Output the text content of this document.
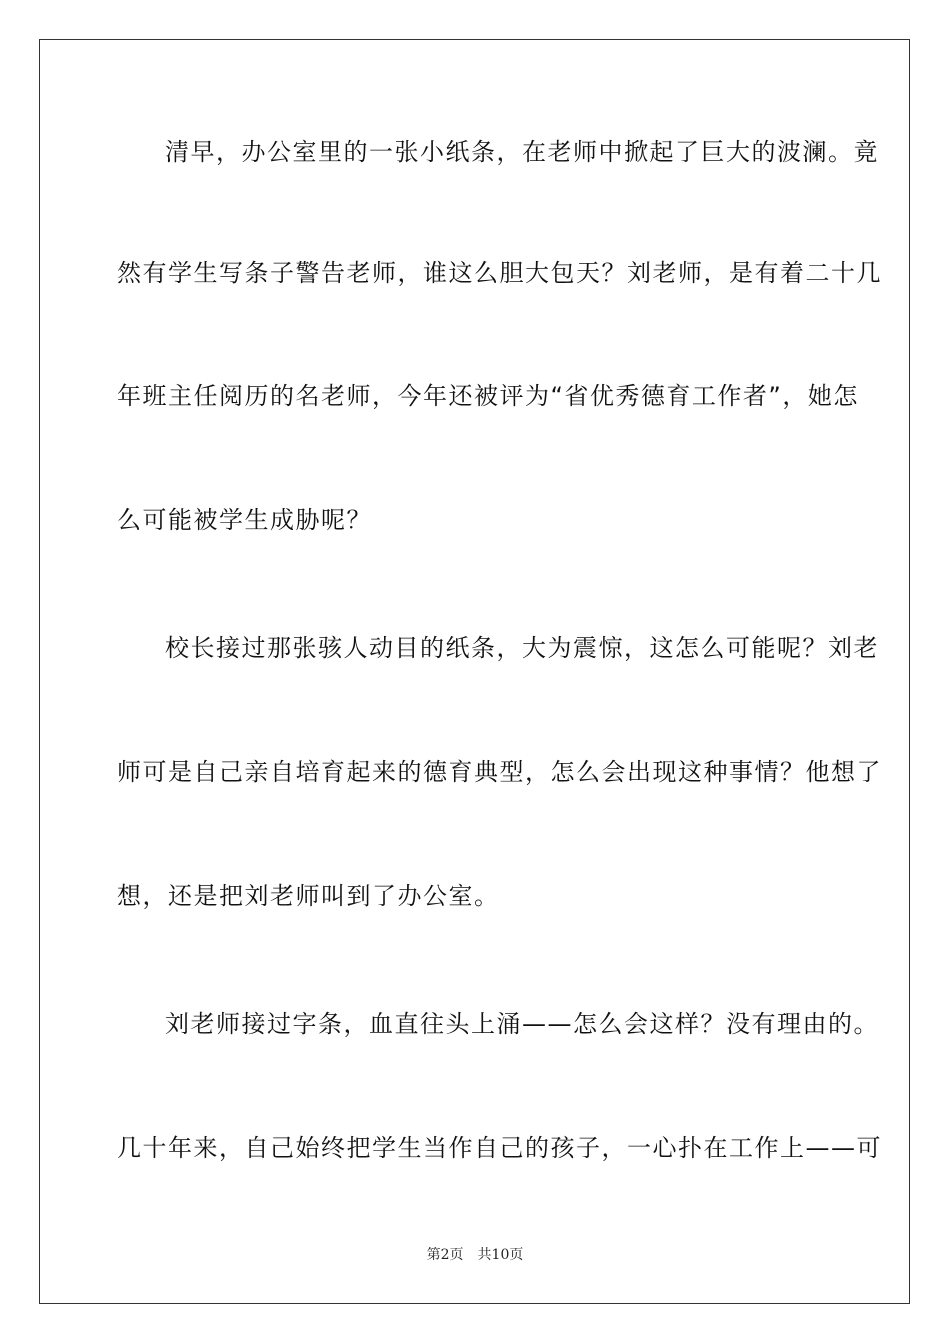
清早，办公室里的一张小纸条，在老师中掀起了巨大的波澜。竟
然有学生写条子警告老师，谁这么胆大包天？刘老师，是有着二十几
年班主任阅历的名老师，今年还被评为“省优秀德育工作者”，她怎
么可能被学生成胁呢？
校长接过那张骇人动目的纸条，大为震惊，这怎么可能呢？刘老
师可是自己亲自培育起来的德育典型，怎么会出现这种事情？他想了
想，还是把刘老师叫到了办公室。
刘老师接过字条，血直往头上涌——怎么会这样？没有理由的。
几十年来，自己始终把学生当作自己的孩子，一心扑在工作上——可
第2页 共10页
